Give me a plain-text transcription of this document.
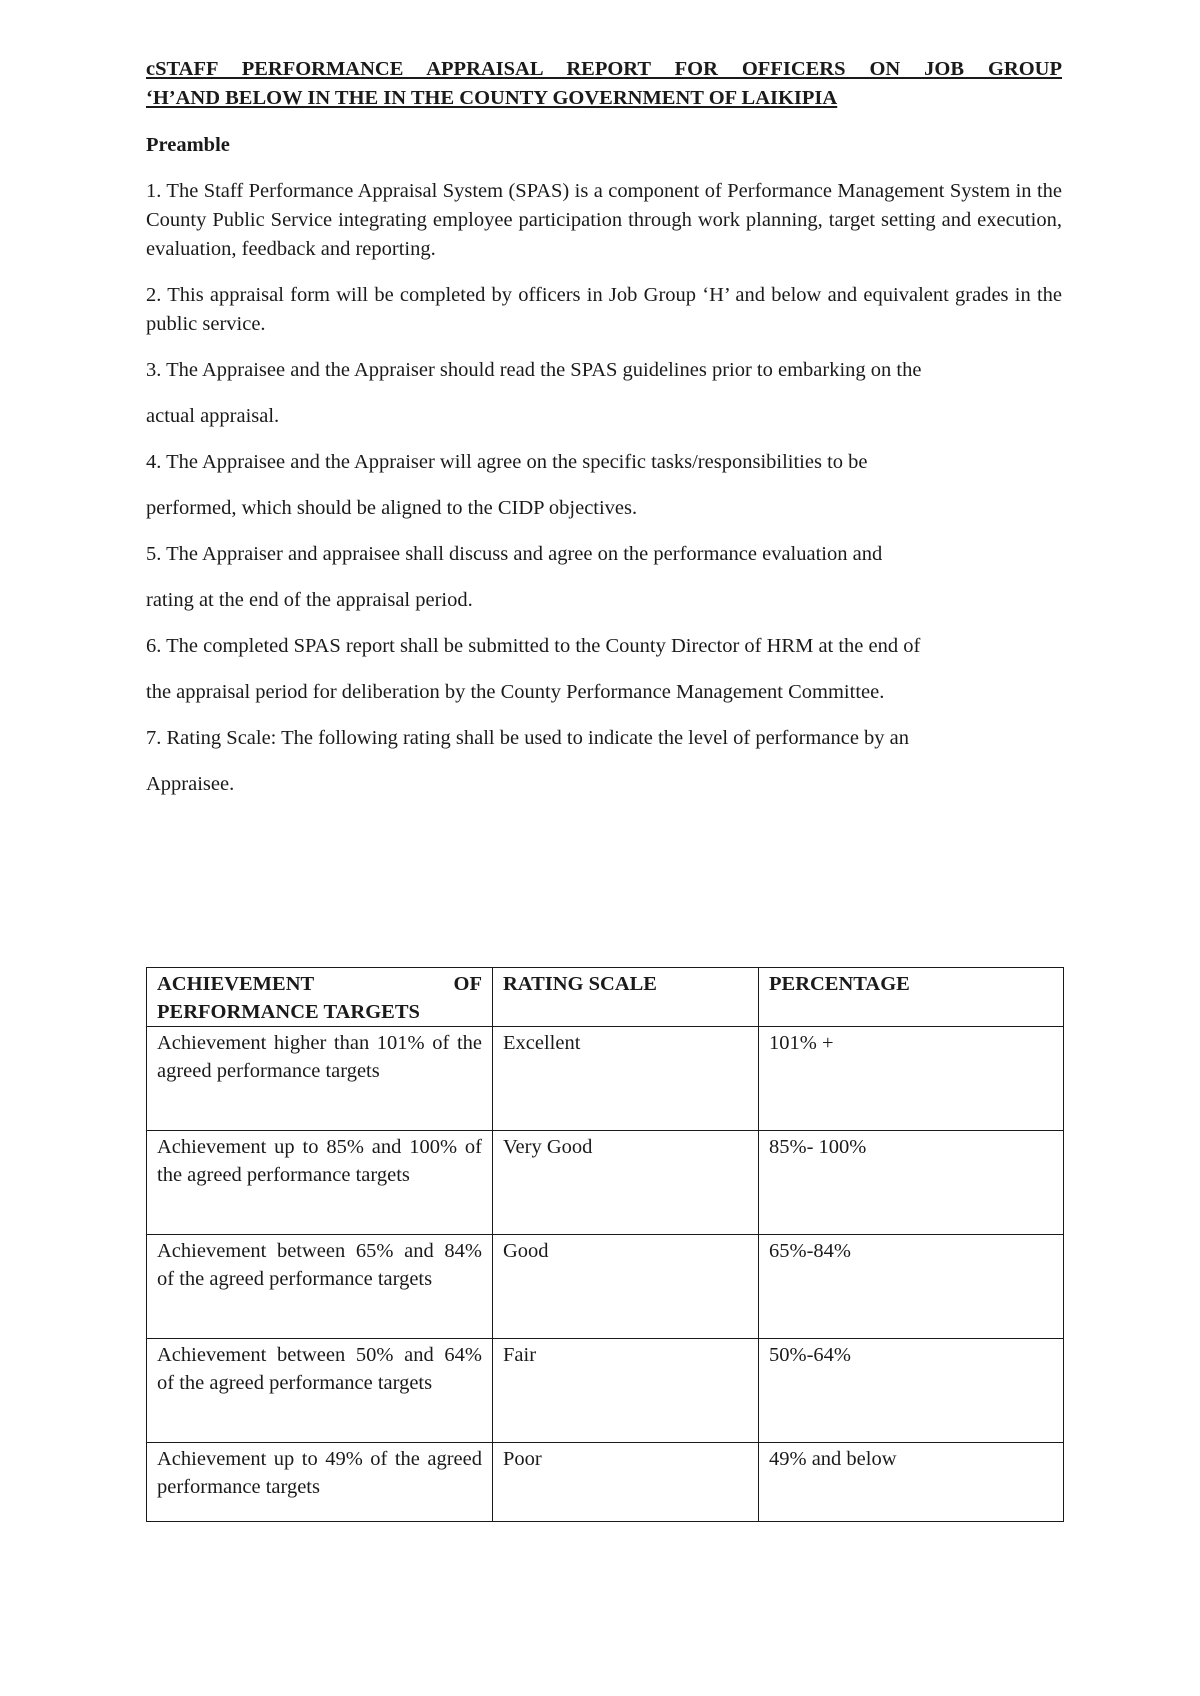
cSTAFF PERFORMANCE APPRAISAL REPORT FOR OFFICERS ON JOB GROUP
‘H’AND BELOW IN THE IN THE COUNTY GOVERNMENT OF LAIKIPIA
Preamble

1. The Staff Performance Appraisal System (SPAS) is a component of Performance Management System in the County Public Service integrating employee participation through work planning, target setting and execution, evaluation, feedback and reporting.

2. This appraisal form will be completed by officers in Job Group ‘H’ and below and equivalent grades in the public service.

3. The Appraisee and the Appraiser should read the SPAS guidelines prior to embarking on the

actual appraisal.

4. The Appraisee and the Appraiser will agree on the specific tasks/responsibilities to be

performed, which should be aligned to the CIDP objectives.

5. The Appraiser and appraisee shall discuss and agree on the performance evaluation and

rating at the end of the appraisal period.

6. The completed SPAS report shall be submitted to the County Director of HRM at the end of

the appraisal period for deliberation by the County Performance Management Committee.

7. Rating Scale: The following rating shall be used to indicate the level of performance by an

Appraisee.

ACHIEVEMENT OF PERFORMANCE TARGETS	RATING SCALE	PERCENTAGE
Achievement higher than 101% of the agreed performance targets	Excellent	101% +
Achievement up to 85% and 100% of the agreed performance targets	Very Good	85%- 100%
Achievement between 65% and 84% of the agreed performance targets	Good	65%-84%
Achievement between 50% and 64% of the agreed performance targets	Fair	50%-64%
Achievement up to 49% of the agreed performance targets	Poor	49% and below
